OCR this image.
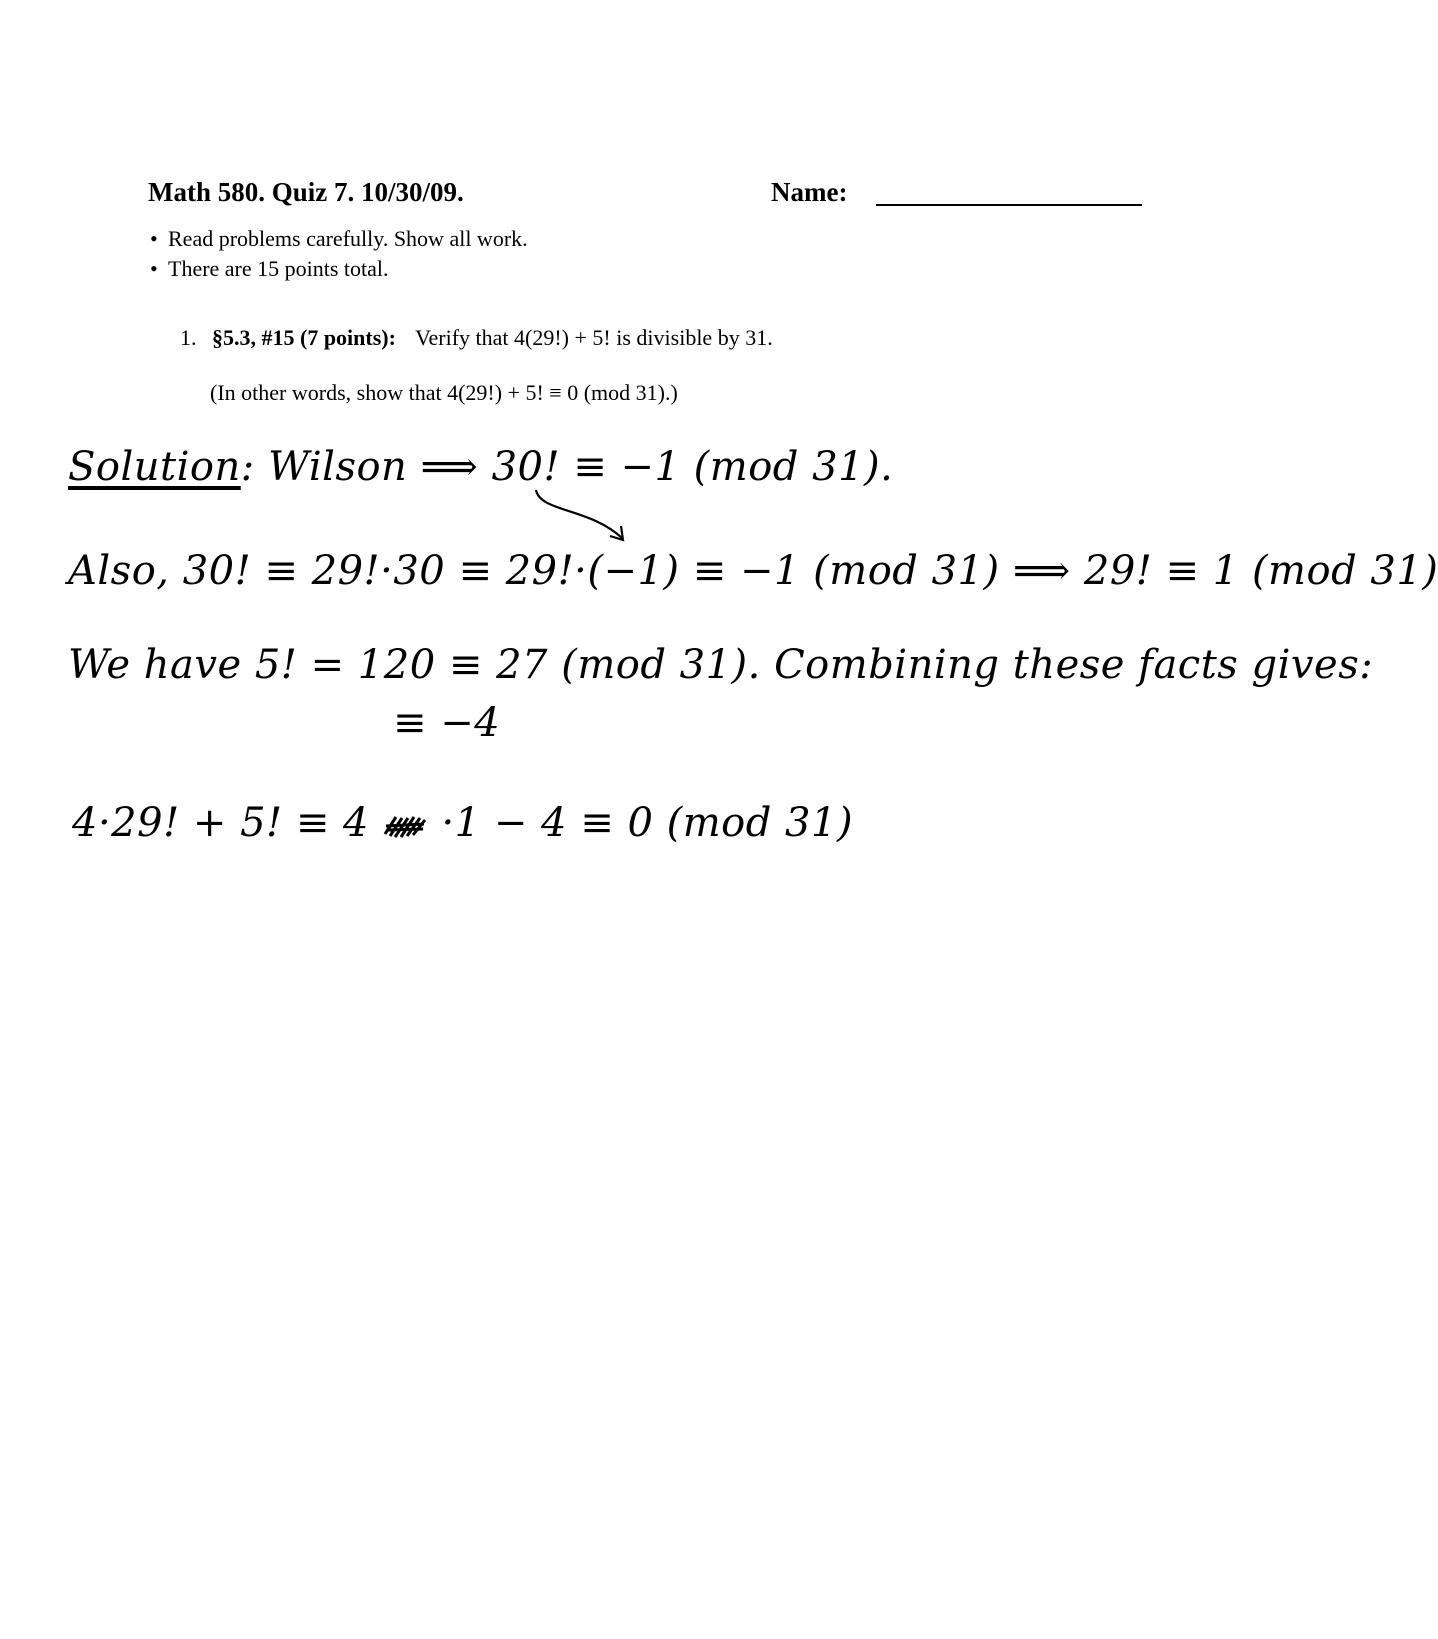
Math 580. Quiz 7. 10/30/09.	Name:
• Read problems carefully. Show all work.
• There are 15 points total.
1. §5.3, #15 (7 points): Verify that 4(29!) + 5! is divisible by 31.
(In other words, show that 4(29!) + 5! ≡ 0 (mod 31).)
Solution: Wilson ⟹ 30! ≡ −1 (mod 31).
Also, 30! ≡ 29!·30 ≡ 29!·(−1) ≡ −1 (mod 31) ⟹ 29! ≡ 1 (mod 31)
We have 5! = 120 ≡ 27 (mod 31). Combining these facts gives:
≡ −4
4·29! + 5! ≡ 4 ·1 − 4 ≡ 0 (mod 31)
